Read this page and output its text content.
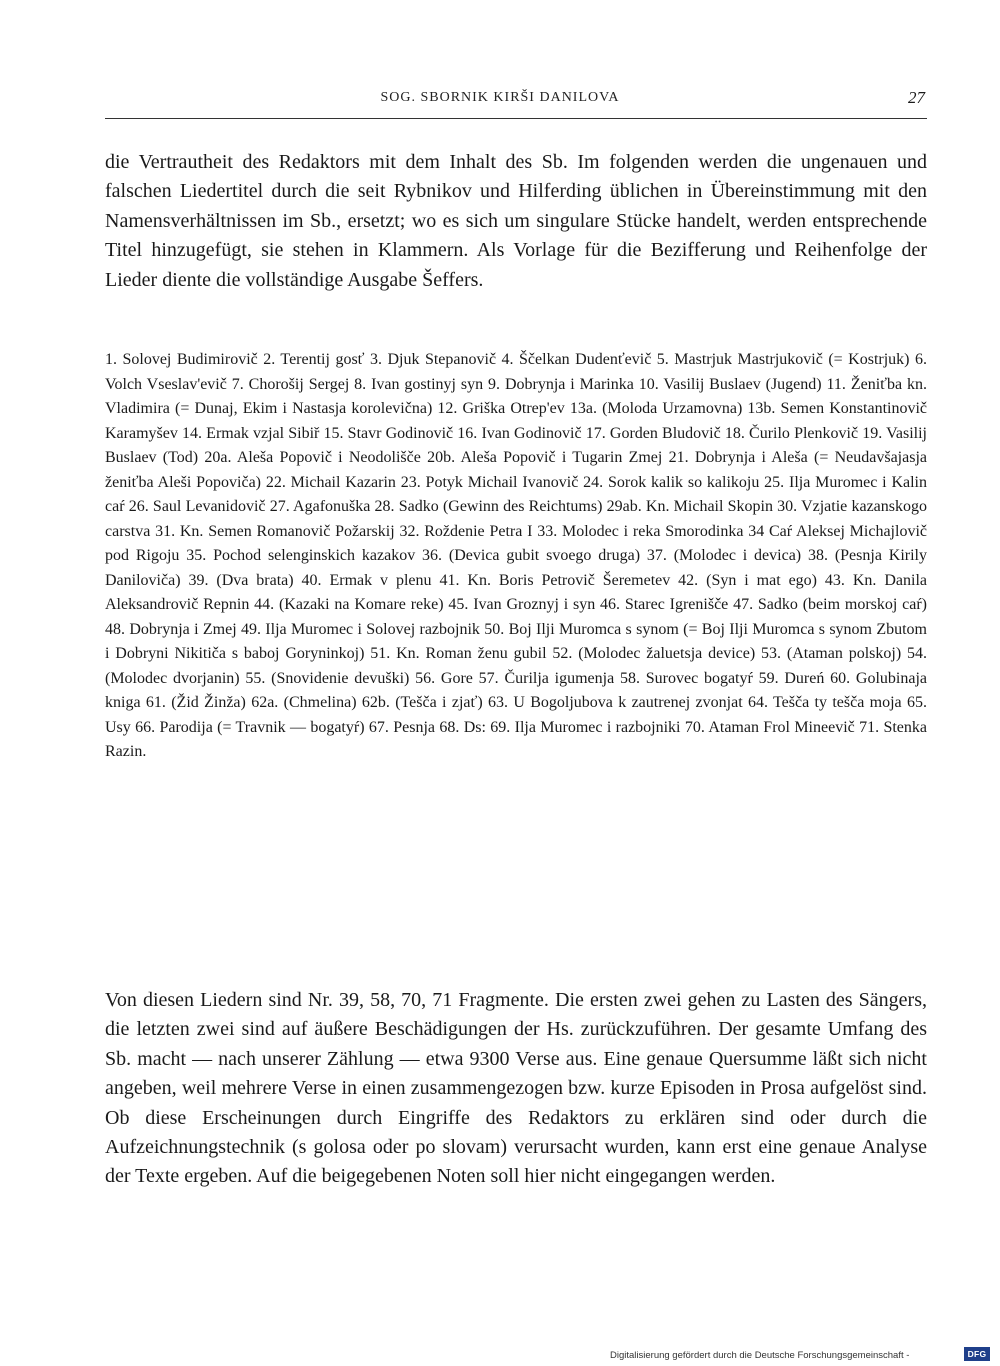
SOG. SBORNIK KIRŠI DANILOVA	27

die Vertrautheit des Redaktors mit dem Inhalt des Sb. Im folgenden werden die ungenauen und falschen Liedertitel durch die seit Rybnikov und Hilferding üblichen in Übereinstimmung mit den Namensverhältnissen im Sb., ersetzt; wo es sich um singulare Stücke handelt, werden entsprechende Titel hinzugefügt, sie stehen in Klammern. Als Vorlage für die Bezifferung und Reihenfolge der Lieder diente die vollständige Ausgabe Šeffers.

1. Solovej Budimirovič 2. Terentij gosť 3. Djuk Stepanovič 4. Ščelkan Dudenťevič 5. Mastrjuk Mastrjukovič (= Kostrjuk) 6. Volch Vseslav'evič 7. Chorošij Sergej 8. Ivan gostinyj syn 9. Dobrynja i Marinka 10. Vasilij Buslaev (Jugend) 11. Ženiťba kn. Vladimira (= Dunaj, Ekim i Nastasja korolevična) 12. Griška Otrep'ev 13a. (Moloda Urzamovna) 13b. Semen Konstantinovič Karamyšev 14. Ermak vzjal Sibiř 15. Stavr Godinovič 16. Ivan Godinovič 17. Gorden Bludovič 18. Čurilo Plenkovič 19. Vasilij Buslaev (Tod) 20a. Aleša Popovič i Neodolišče 20b. Aleša Popovič i Tugarin Zmej 21. Dobrynja i Aleša (= Neudavšajasja ženiťba Aleši Popoviča) 22. Michail Kazarin 23. Potyk Michail Ivanovič 24. Sorok kalik so kalikoju 25. Ilja Muromec i Kalin caŕ 26. Saul Levanidovič 27. Agafonuška 28. Sadko (Gewinn des Reichtums) 29ab. Kn. Michail Skopin 30. Vzjatie kazanskogo carstva 31. Kn. Semen Romanovič Požarskij 32. Roždenie Petra I 33. Molodec i reka Smorodinka 34 Caŕ Aleksej Michajlovič pod Rigoju 35. Pochod selenginskich kazakov 36. (Devica gubit svoego druga) 37. (Molodec i devica) 38. (Pesnja Kirily Daniloviča) 39. (Dva brata) 40. Ermak v plenu 41. Kn. Boris Petrovič Šeremetev 42. (Syn i mat ego) 43. Kn. Danila Aleksandrovič Repnin 44. (Kazaki na Komare reke) 45. Ivan Groznyj i syn 46. Starec Igrenišče 47. Sadko (beim morskoj caŕ) 48. Dobrynja i Zmej 49. Ilja Muromec i Solovej razbojnik 50. Boj Ilji Muromca s synom (= Boj Ilji Muromca s synom Zbutom i Dobryni Nikitiča s baboj Goryninkoj) 51. Kn. Roman ženu gubil 52. (Molodec žaluetsja devicе) 53. (Ataman polskoj) 54. (Molodec dvorjanin) 55. (Snovidenie devuški) 56. Gore 57. Čurilja igumenja 58. Surovec bogatyŕ 59. Dureń 60. Golubinaja kniga 61. (Žid Žinža) 62a. (Chmelina) 62b. (Tešča i zjať) 63. U Bogoljubova k zautrenej zvonjat 64. Tešča ty tešča moja 65. Usy 66. Parodija (= Travnik — bogatyŕ) 67. Pesnja 68. Ds: 69. Ilja Muromec i razbojniki 70. Ataman Frol Mineevič 71. Stenka Razin.

Von diesen Liedern sind Nr. 39, 58, 70, 71 Fragmente. Die ersten zwei gehen zu Lasten des Sängers, die letzten zwei sind auf äußere Beschädigungen der Hs. zurückzuführen. Der gesamte Umfang des Sb. macht — nach unserer Zählung — etwa 9300 Verse aus. Eine genaue Quersumme läßt sich nicht angeben, weil mehrere Verse in einen zusammengezogen bzw. kurze Episoden in Prosa aufgelöst sind. Ob diese Erscheinungen durch Eingriffe des Redaktors zu erklären sind oder durch die Aufzeichnungstechnik (s golosa oder po slovam) verursacht wurden, kann erst eine genaue Analyse der Texte ergeben. Auf die beigegebenen Noten soll hier nicht eingegangen werden.

Digitalisierung gefördert durch die Deutsche Forschungsgemeinschaft -	DFG
